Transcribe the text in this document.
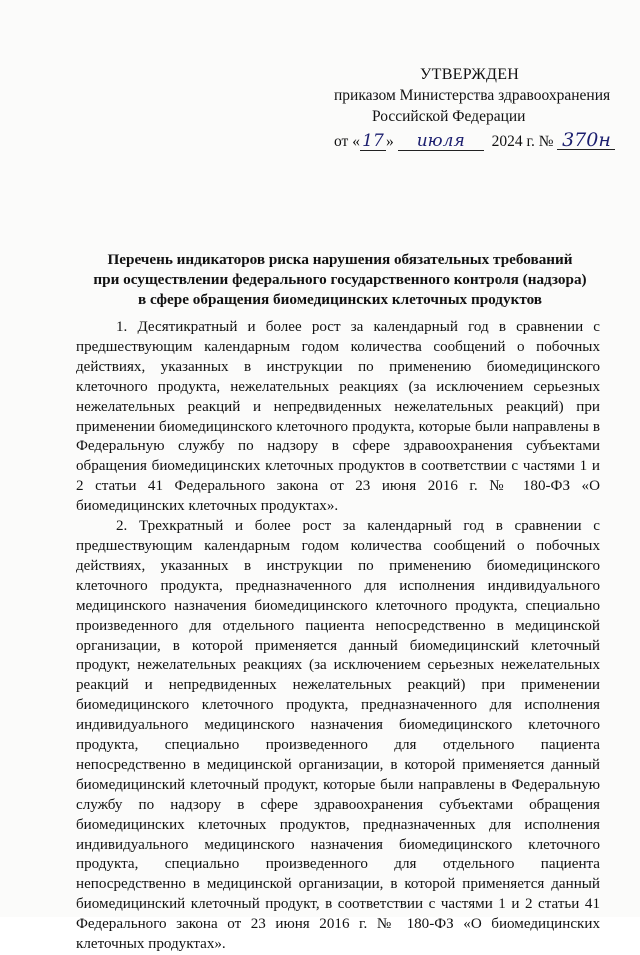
УТВЕРЖДЕН
приказом Министерства здравоохранения
Российской Федерации
от « 17 » июля 2024 г. № 370н
Перечень индикаторов риска нарушения обязательных требований
при осуществлении федерального государственного контроля (надзора)
в сфере обращения биомедицинских клеточных продуктов

1. Десятикратный и более рост за календарный год в сравнении с предшествующим календарным годом количества сообщений о побочных действиях, указанных в инструкции по применению биомедицинского клеточного продукта, нежелательных реакциях (за исключением серьезных нежелательных реакций и непредвиденных нежелательных реакций) при применении биомедицинского клеточного продукта, которые были направлены в Федеральную службу по надзору в сфере здравоохранения субъектами обращения биомедицинских клеточных продуктов в соответствии с частями 1 и 2 статьи 41 Федерального закона от 23 июня 2016 г. № 180-ФЗ «О биомедицинских клеточных продуктах».

2. Трехкратный и более рост за календарный год в сравнении с предшествующим календарным годом количества сообщений о побочных действиях, указанных в инструкции по применению биомедицинского клеточного продукта, предназначенного для исполнения индивидуального медицинского назначения биомедицинского клеточного продукта, специально произведенного для отдельного пациента непосредственно в медицинской организации, в которой применяется данный биомедицинский клеточный продукт, нежелательных реакциях (за исключением серьезных нежелательных реакций и непредвиденных нежелательных реакций) при применении биомедицинского клеточного продукта, предназначенного для исполнения индивидуального медицинского назначения биомедицинского клеточного продукта, специально произведенного для отдельного пациента непосредственно в медицинской организации, в которой применяется данный биомедицинский клеточный продукт, которые были направлены в Федеральную службу по надзору в сфере здравоохранения субъектами обращения биомедицинских клеточных продуктов, предназначенных для исполнения индивидуального медицинского назначения биомедицинского клеточного продукта, специально произведенного для отдельного пациента непосредственно в медицинской организации, в которой применяется данный биомедицинский клеточный продукт, в соответствии с частями 1 и 2 статьи 41 Федерального закона от 23 июня 2016 г. № 180-ФЗ «О биомедицинских клеточных продуктах».
